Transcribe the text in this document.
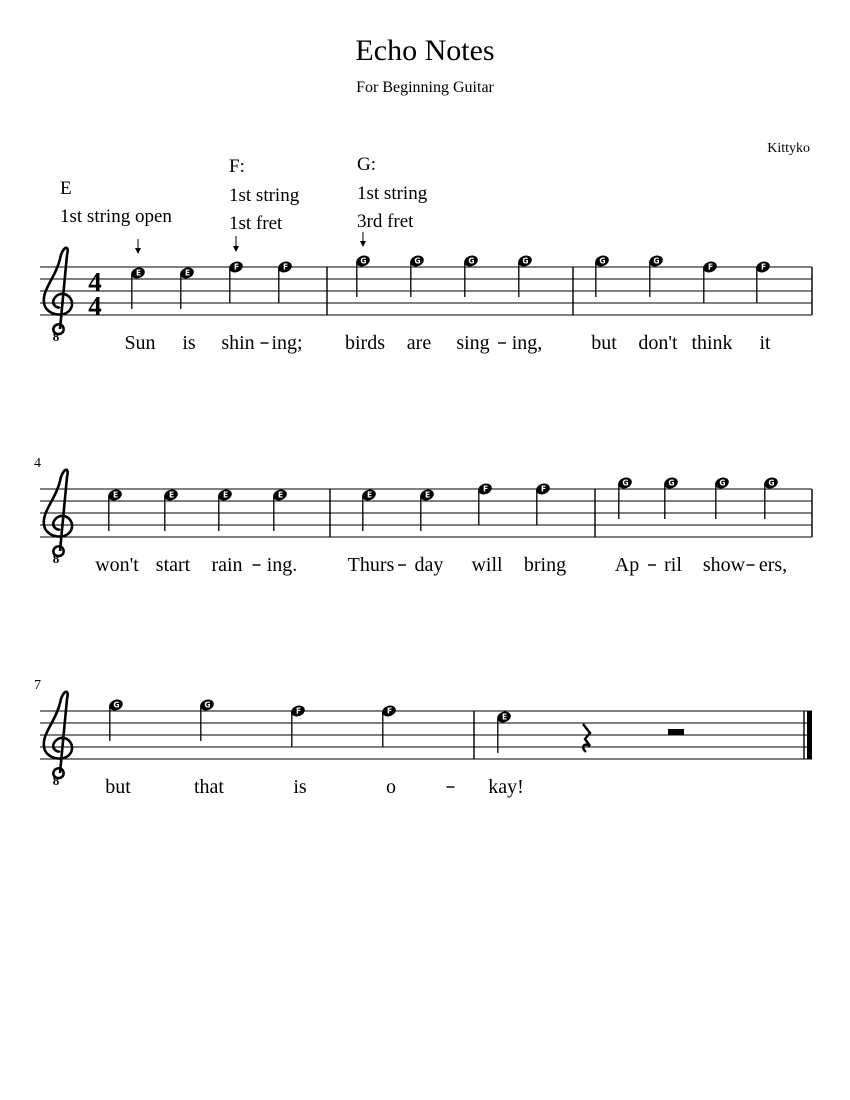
Echo Notes
For Beginning Guitar
Kittyko
E
1st string open
F:
1st string
1st fret
G:
1st string
3rd fret
8
4
4
E
Sun
E
is
F
shin
F
ing;
G
birds
G
are
G
sing
G
ing,
G
but
G
don't
F
think
F
it
8
4
E
won't
E
start
E
rain
E
ing.
E
Thurs
E
day
F
will
F
bring
G
Ap
G
ril
G
show
G
ers,
8
7
G
but
G
that
F
is
F
o
E
kay!
